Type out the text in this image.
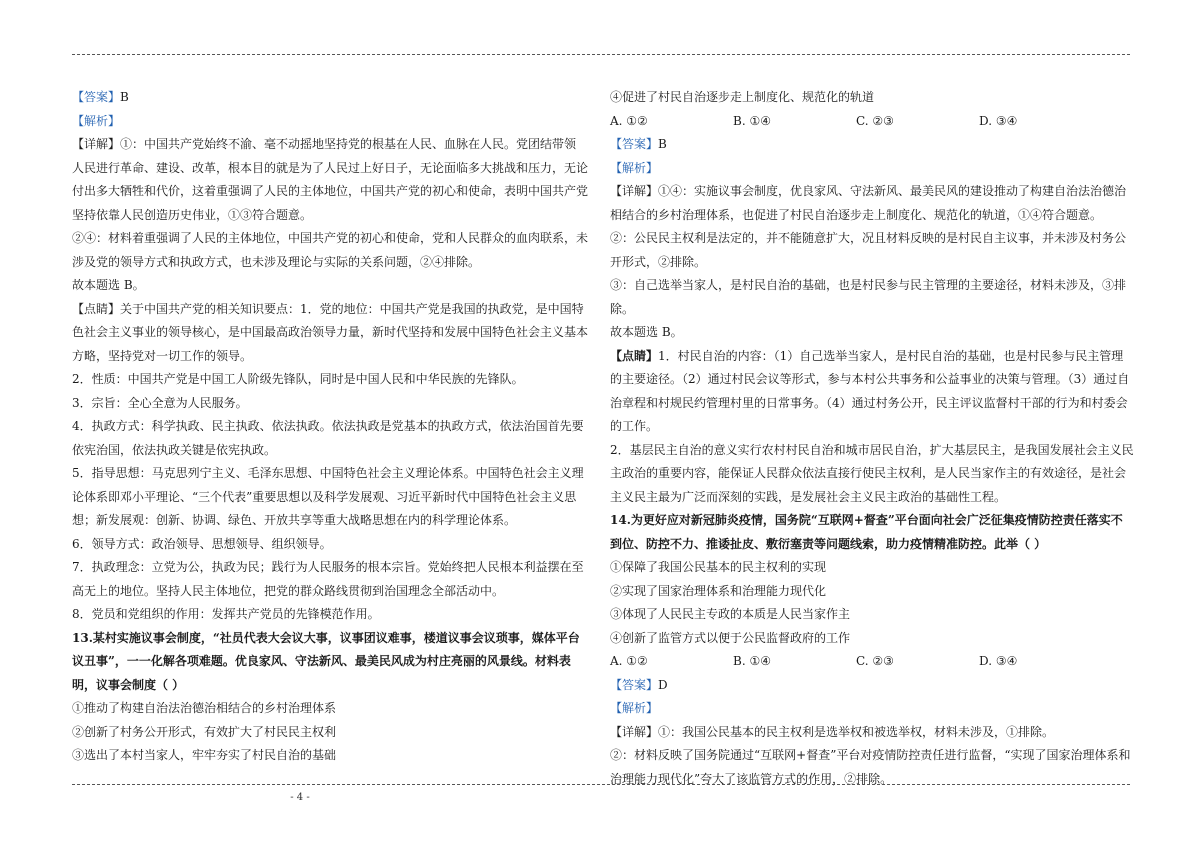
【答案】B

【解析】

【详解】①：中国共产党始终不渝、毫不动摇地坚持党的根基在人民、血脉在人民。党团结带领人民进行革命、建设、改革，根本目的就是为了人民过上好日子，无论面临多大挑战和压力，无论付出多大牺牲和代价，这着重强调了人民的主体地位，中国共产党的初心和使命，表明中国共产党坚持依靠人民创造历史伟业，①③符合题意。

②④：材料着重强调了人民的主体地位，中国共产党的初心和使命，党和人民群众的血肉联系，未涉及党的领导方式和执政方式，也未涉及理论与实际的关系问题，②④排除。

故本题选 B。

【点睛】关于中国共产党的相关知识要点：1．党的地位：中国共产党是我国的执政党，是中国特色社会主义事业的领导核心，是中国最高政治领导力量，新时代坚持和发展中国特色社会主义基本方略，坚持党对一切工作的领导。

2．性质：中国共产党是中国工人阶级先锋队，同时是中国人民和中华民族的先锋队。

3．宗旨：全心全意为人民服务。

4．执政方式：科学执政、民主执政、依法执政。依法执政是党基本的执政方式，依法治国首先要依宪治国，依法执政关键是依宪执政。

5．指导思想：马克思列宁主义、毛泽东思想、中国特色社会主义理论体系。中国特色社会主义理论体系即邓小平理论、“三个代表”重要思想以及科学发展观、习近平新时代中国特色社会主义思想；新发展观：创新、协调、绿色、开放共享等重大战略思想在内的科学理论体系。

6．领导方式：政治领导、思想领导、组织领导。

7．执政理念：立党为公，执政为民；践行为人民服务的根本宗旨。党始终把人民根本利益摆在至高无上的地位。坚持人民主体地位，把党的群众路线贯彻到治国理念全部活动中。

8．党员和党组织的作用：发挥共产党员的先锋模范作用。

13.某村实施议事会制度，“社员代表大会议大事，议事团议难事，楼道议事会议琐事，媒体平台议丑事”，一一化解各项难题。优良家风、守法新风、最美民风成为村庄亮丽的风景线。材料表明，议事会制度（ ）

①推动了构建自治法治德治相结合的乡村治理体系

②创新了村务公开形式，有效扩大了村民民主权利

③选出了本村当家人，牢牢夯实了村民自治的基础

④促进了村民自治逐步走上制度化、规范化的轨道

A. ①②	B. ①④	C. ②③	D. ③④

【答案】B

【解析】

【详解】①④：实施议事会制度，优良家风、守法新风、最美民风的建设推动了构建自治法治德治相结合的乡村治理体系，也促进了村民自治逐步走上制度化、规范化的轨道，①④符合题意。

②：公民民主权利是法定的，并不能随意扩大，况且材料反映的是村民自主议事，并未涉及村务公开形式，②排除。

③：自己选举当家人，是村民自治的基础，也是村民参与民主管理的主要途径，材料未涉及，③排除。

故本题选 B。

【点睛】1．村民自治的内容：（1）自己选举当家人，是村民自治的基础，也是村民参与民主管理的主要途径。（2）通过村民会议等形式，参与本村公共事务和公益事业的决策与管理。（3）通过自治章程和村规民约管理村里的日常事务。（4）通过村务公开，民主评议监督村干部的行为和村委会的工作。

2．基层民主自治的意义实行农村村民自治和城市居民自治，扩大基层民主，是我国发展社会主义民主政治的重要内容，能保证人民群众依法直接行使民主权利，是人民当家作主的有效途径，是社会主义民主最为广泛而深刻的实践，是发展社会主义民主政治的基础性工程。

14.为更好应对新冠肺炎疫情，国务院“互联网+督查”平台面向社会广泛征集疫情防控责任落实不到位、防控不力、推诿扯皮、敷衍塞责等问题线索，助力疫情精准防控。此举（ ）

①保障了我国公民基本的民主权利的实现

②实现了国家治理体系和治理能力现代化

③体现了人民民主专政的本质是人民当家作主

④创新了监管方式以便于公民监督政府的工作

A. ①②	B. ①④	C. ②③	D. ③④

【答案】D

【解析】

【详解】①：我国公民基本的民主权利是选举权和被选举权，材料未涉及，①排除。

②：材料反映了国务院通过“互联网+督查”平台对疫情防控责任进行监督，“实现了国家治理体系和治理能力现代化”夸大了该监管方式的作用，②排除。

- 4 -
